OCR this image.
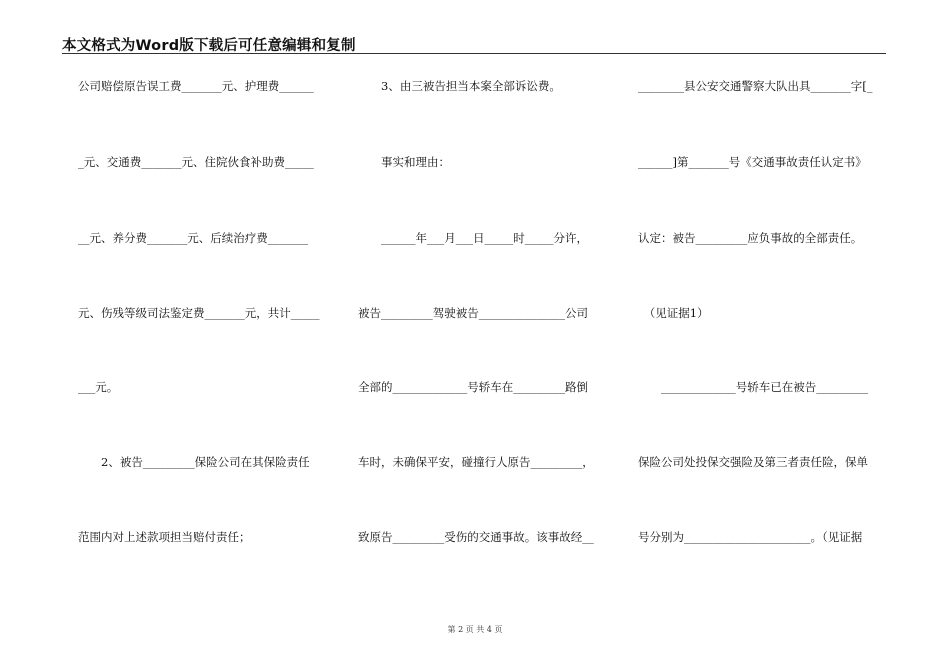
本文格式为Word版下载后可任意编辑和复制
公司赔偿原告误工费_______元、护理费______
_元、交通费_______元、住院伙食补助费_____
__元、养分费_______元、后续治疗费_______
元、伤残等级司法鉴定费_______元，共计_____
___元。
　　2、被告_________保险公司在其保险责任
范围内对上述款项担当赔付责任；
　　3、由三被告担当本案全部诉讼费。
　　事实和理由：
　　______年___月___日_____时_____分许，
被告_________驾驶被告_______________公司
全部的_____________号轿车在_________路倒
车时，未确保平安，碰撞行人原告_________，
致原告_________受伤的交通事故。该事故经__
________县公安交通警察大队出具_______字[_
______]第_______号《交通事故责任认定书》
认定：被告_________应负事故的全部责任。
　（见证据1）
　　_____________号轿车已在被告_________
保险公司处投保交强险及第三者责任险，保单
号分别为______________________。（见证据
第 2 页 共 4 页
